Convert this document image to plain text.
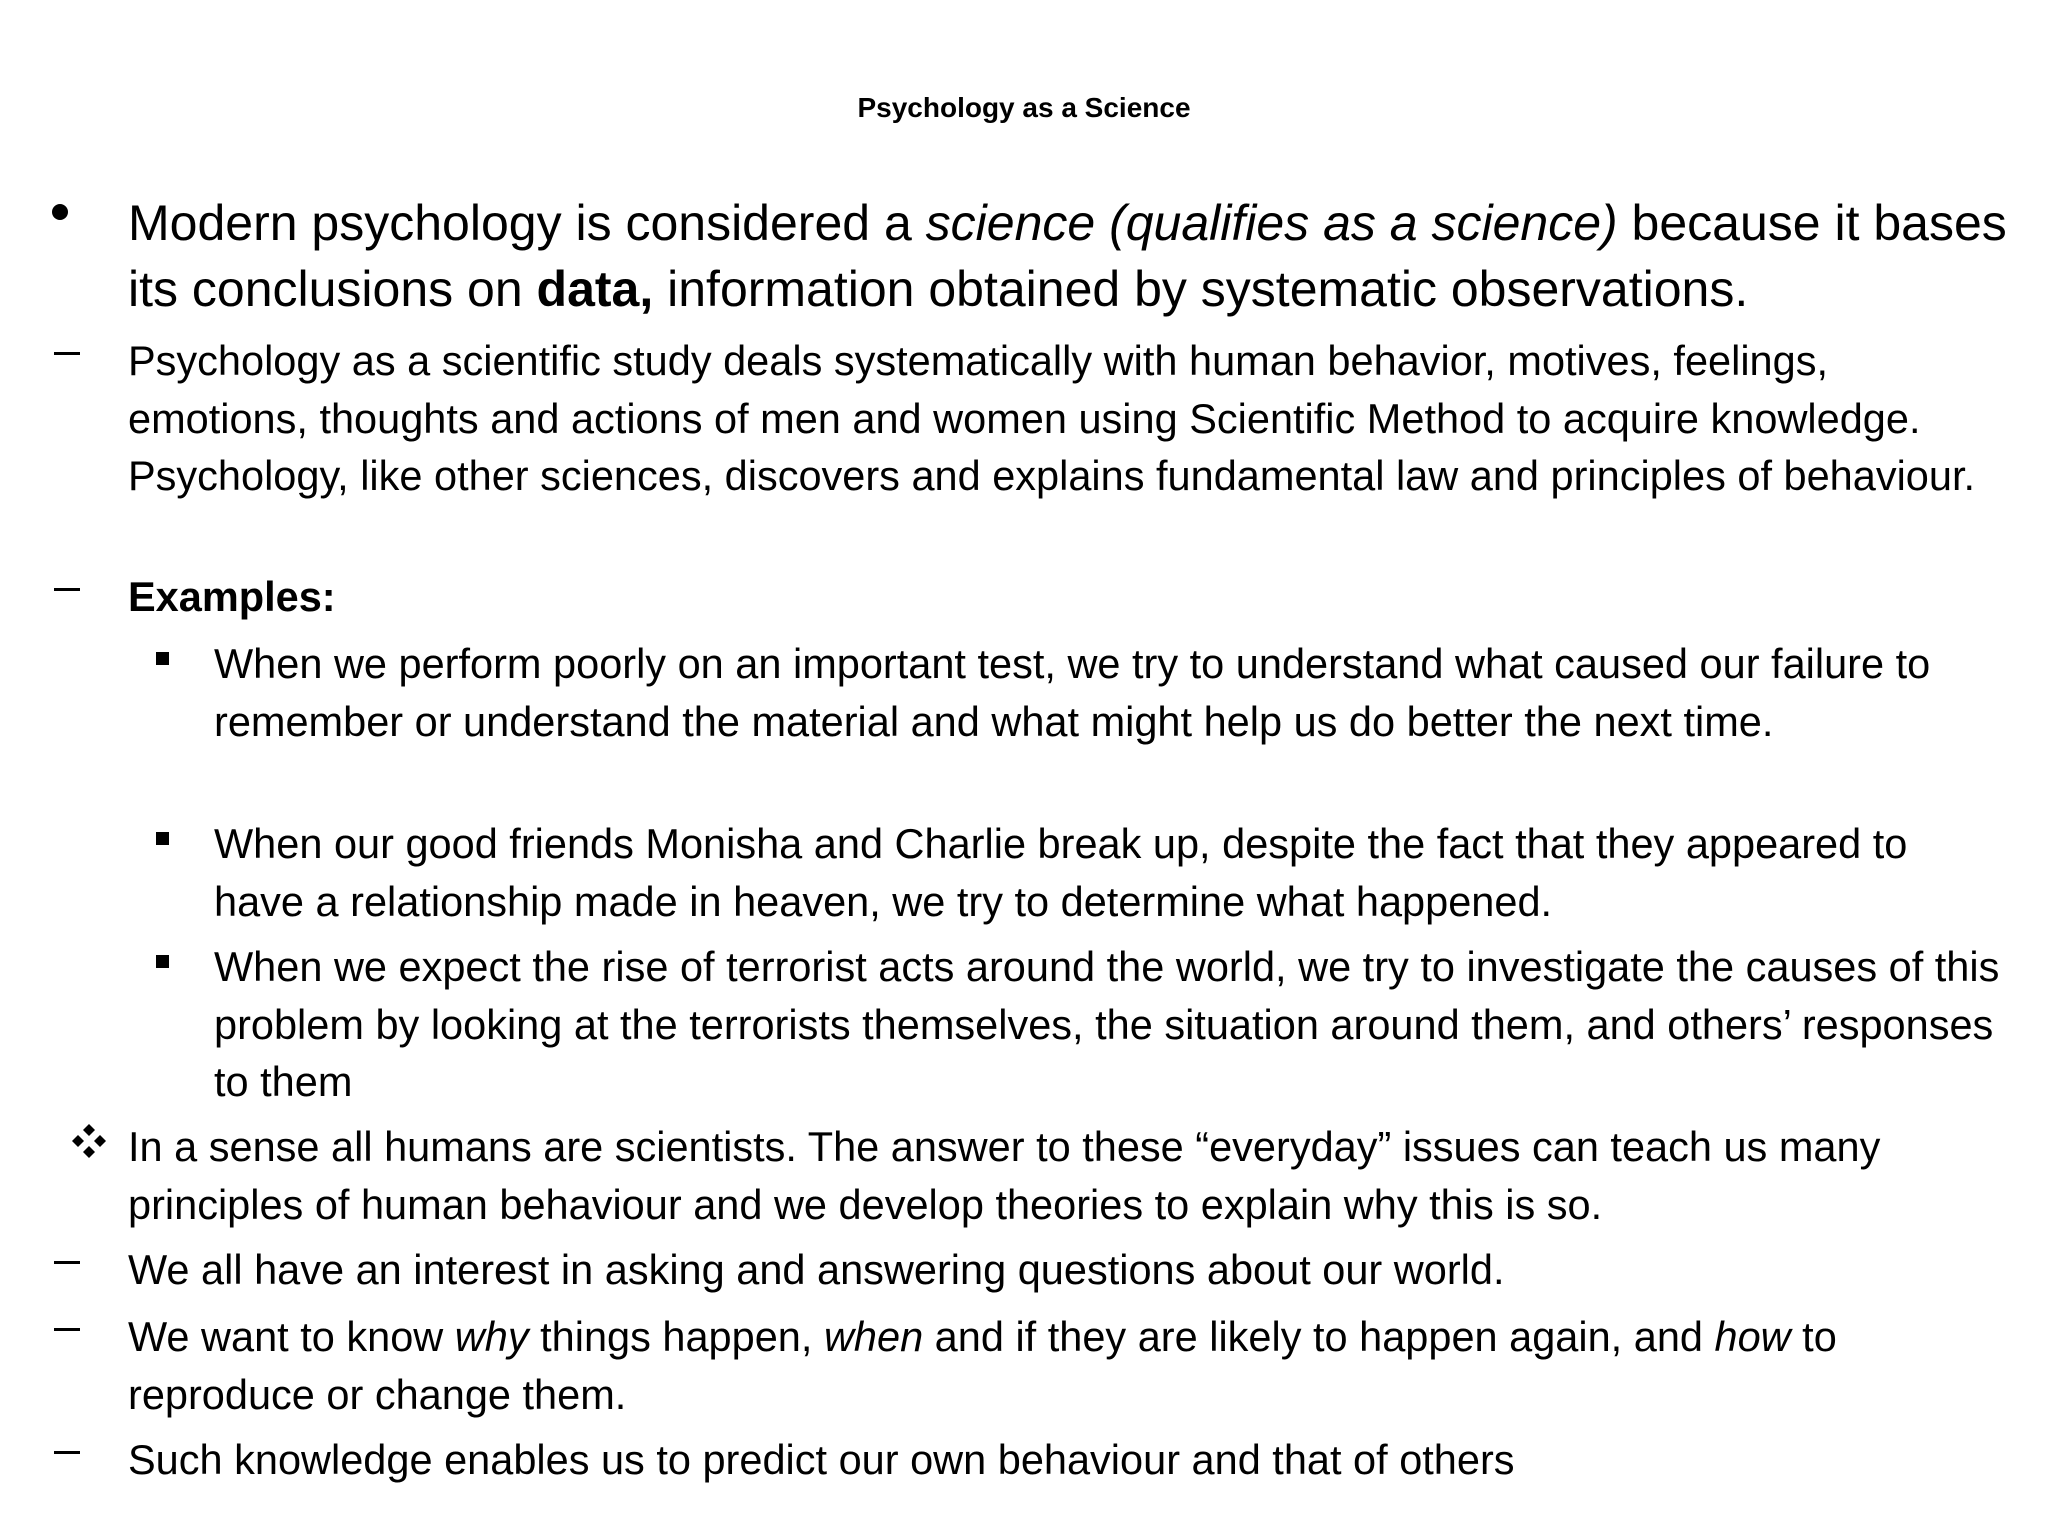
Psychology as a Science
Modern psychology is considered a science (qualifies as a science) because it bases its conclusions on data, information obtained by systematic observations.
Psychology as a scientific study deals systematically with human behavior, motives, feelings, emotions, thoughts and actions of men and women using Scientific Method to acquire knowledge. Psychology, like other sciences, discovers and explains fundamental law and principles of behaviour.
Examples:
When we perform poorly on an important test, we try to understand what caused our failure to remember or understand the material and what might help us do better the next time.
When our good friends Monisha and Charlie break up, despite the fact that they appeared to have a relationship made in heaven, we try to determine what happened.
When we expect the rise of terrorist acts around the world, we try to investigate the causes of this problem by looking at the terrorists themselves, the situation around them, and others’ responses to them
In a sense all humans are scientists. The answer to these “everyday” issues can teach us many principles of human behaviour and we develop theories to explain why this is so.
We all have an interest in asking and answering questions about our world.
We want to know why things happen, when and if they are likely to happen again, and how to reproduce or change them.
Such knowledge enables us to predict our own behaviour and that of others
